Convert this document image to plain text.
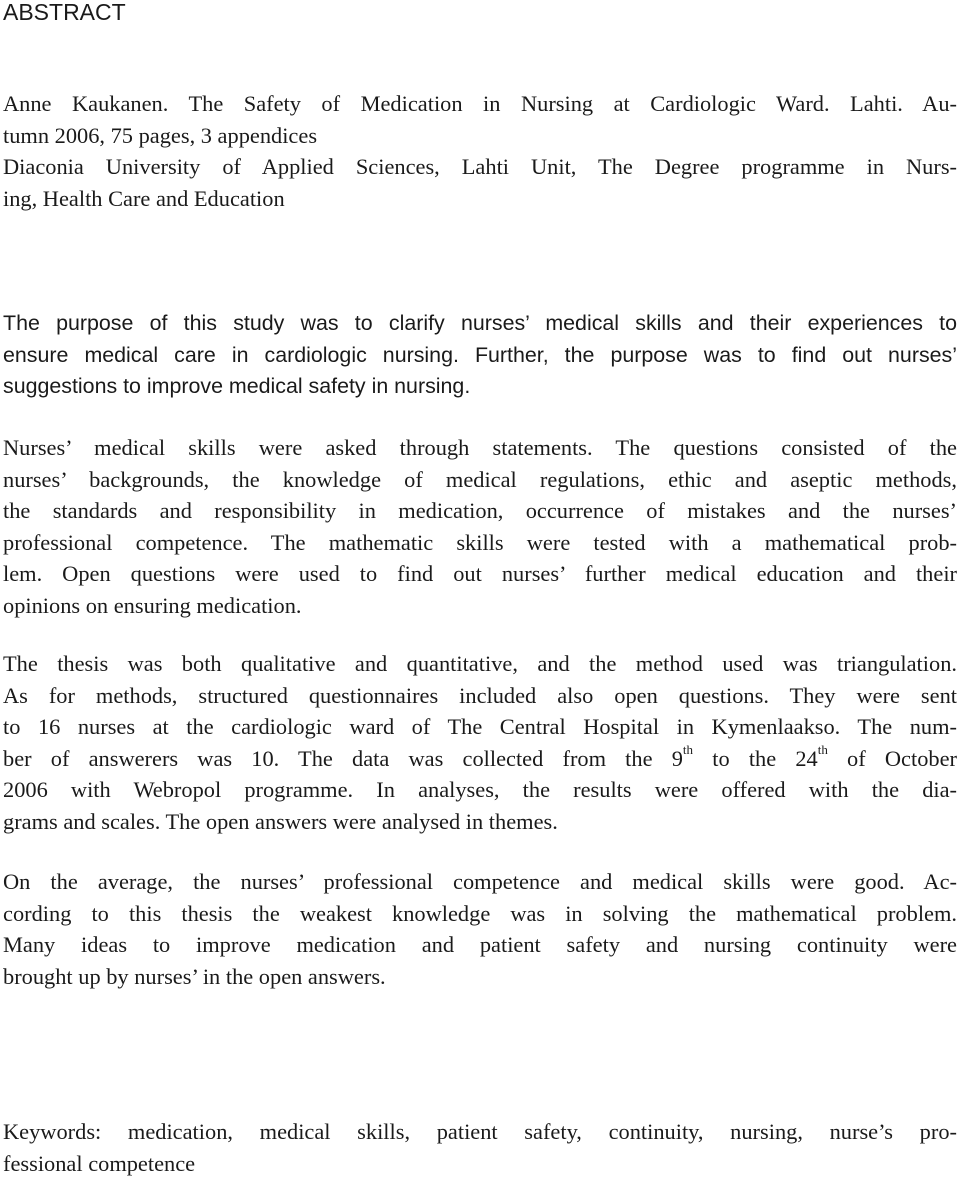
ABSTRACT
Anne Kaukanen. The Safety of Medication in Nursing at Cardiologic Ward. Lahti. Au-
tumn 2006, 75 pages, 3 appendices
Diaconia University of Applied Sciences, Lahti Unit, The Degree programme in Nurs-
ing, Health Care and Education
The purpose of this study was to clarify nurses’ medical skills and their experiences to
ensure medical care in cardiologic nursing. Further, the purpose was to find out nurses’
suggestions to improve medical safety in nursing.
Nurses’ medical skills were asked through statements. The questions consisted of the
nurses’ backgrounds, the knowledge of medical regulations, ethic and aseptic methods,
the standards and responsibility in medication, occurrence of mistakes and the nurses’
professional competence. The mathematic skills were tested with a mathematical prob-
lem. Open questions were used to find out nurses’ further medical education and their
opinions on ensuring medication.
The thesis was both qualitative and quantitative, and the method used was triangulation.
As for methods, structured questionnaires included also open questions. They were sent
to 16 nurses at the cardiologic ward of The Central Hospital in Kymenlaakso. The num-
ber of answerers was 10. The data was collected from the 9th to the 24th of October
2006 with Webropol programme. In analyses, the results were offered with the dia-
grams and scales. The open answers were analysed in themes.
On the average, the nurses’ professional competence and medical skills were good. Ac-
cording to this thesis the weakest knowledge was in solving the mathematical problem.
Many ideas to improve medication and patient safety and nursing continuity were
brought up by nurses’ in the open answers.
Keywords: medication, medical skills, patient safety, continuity, nursing, nurse’s pro-
fessional competence
